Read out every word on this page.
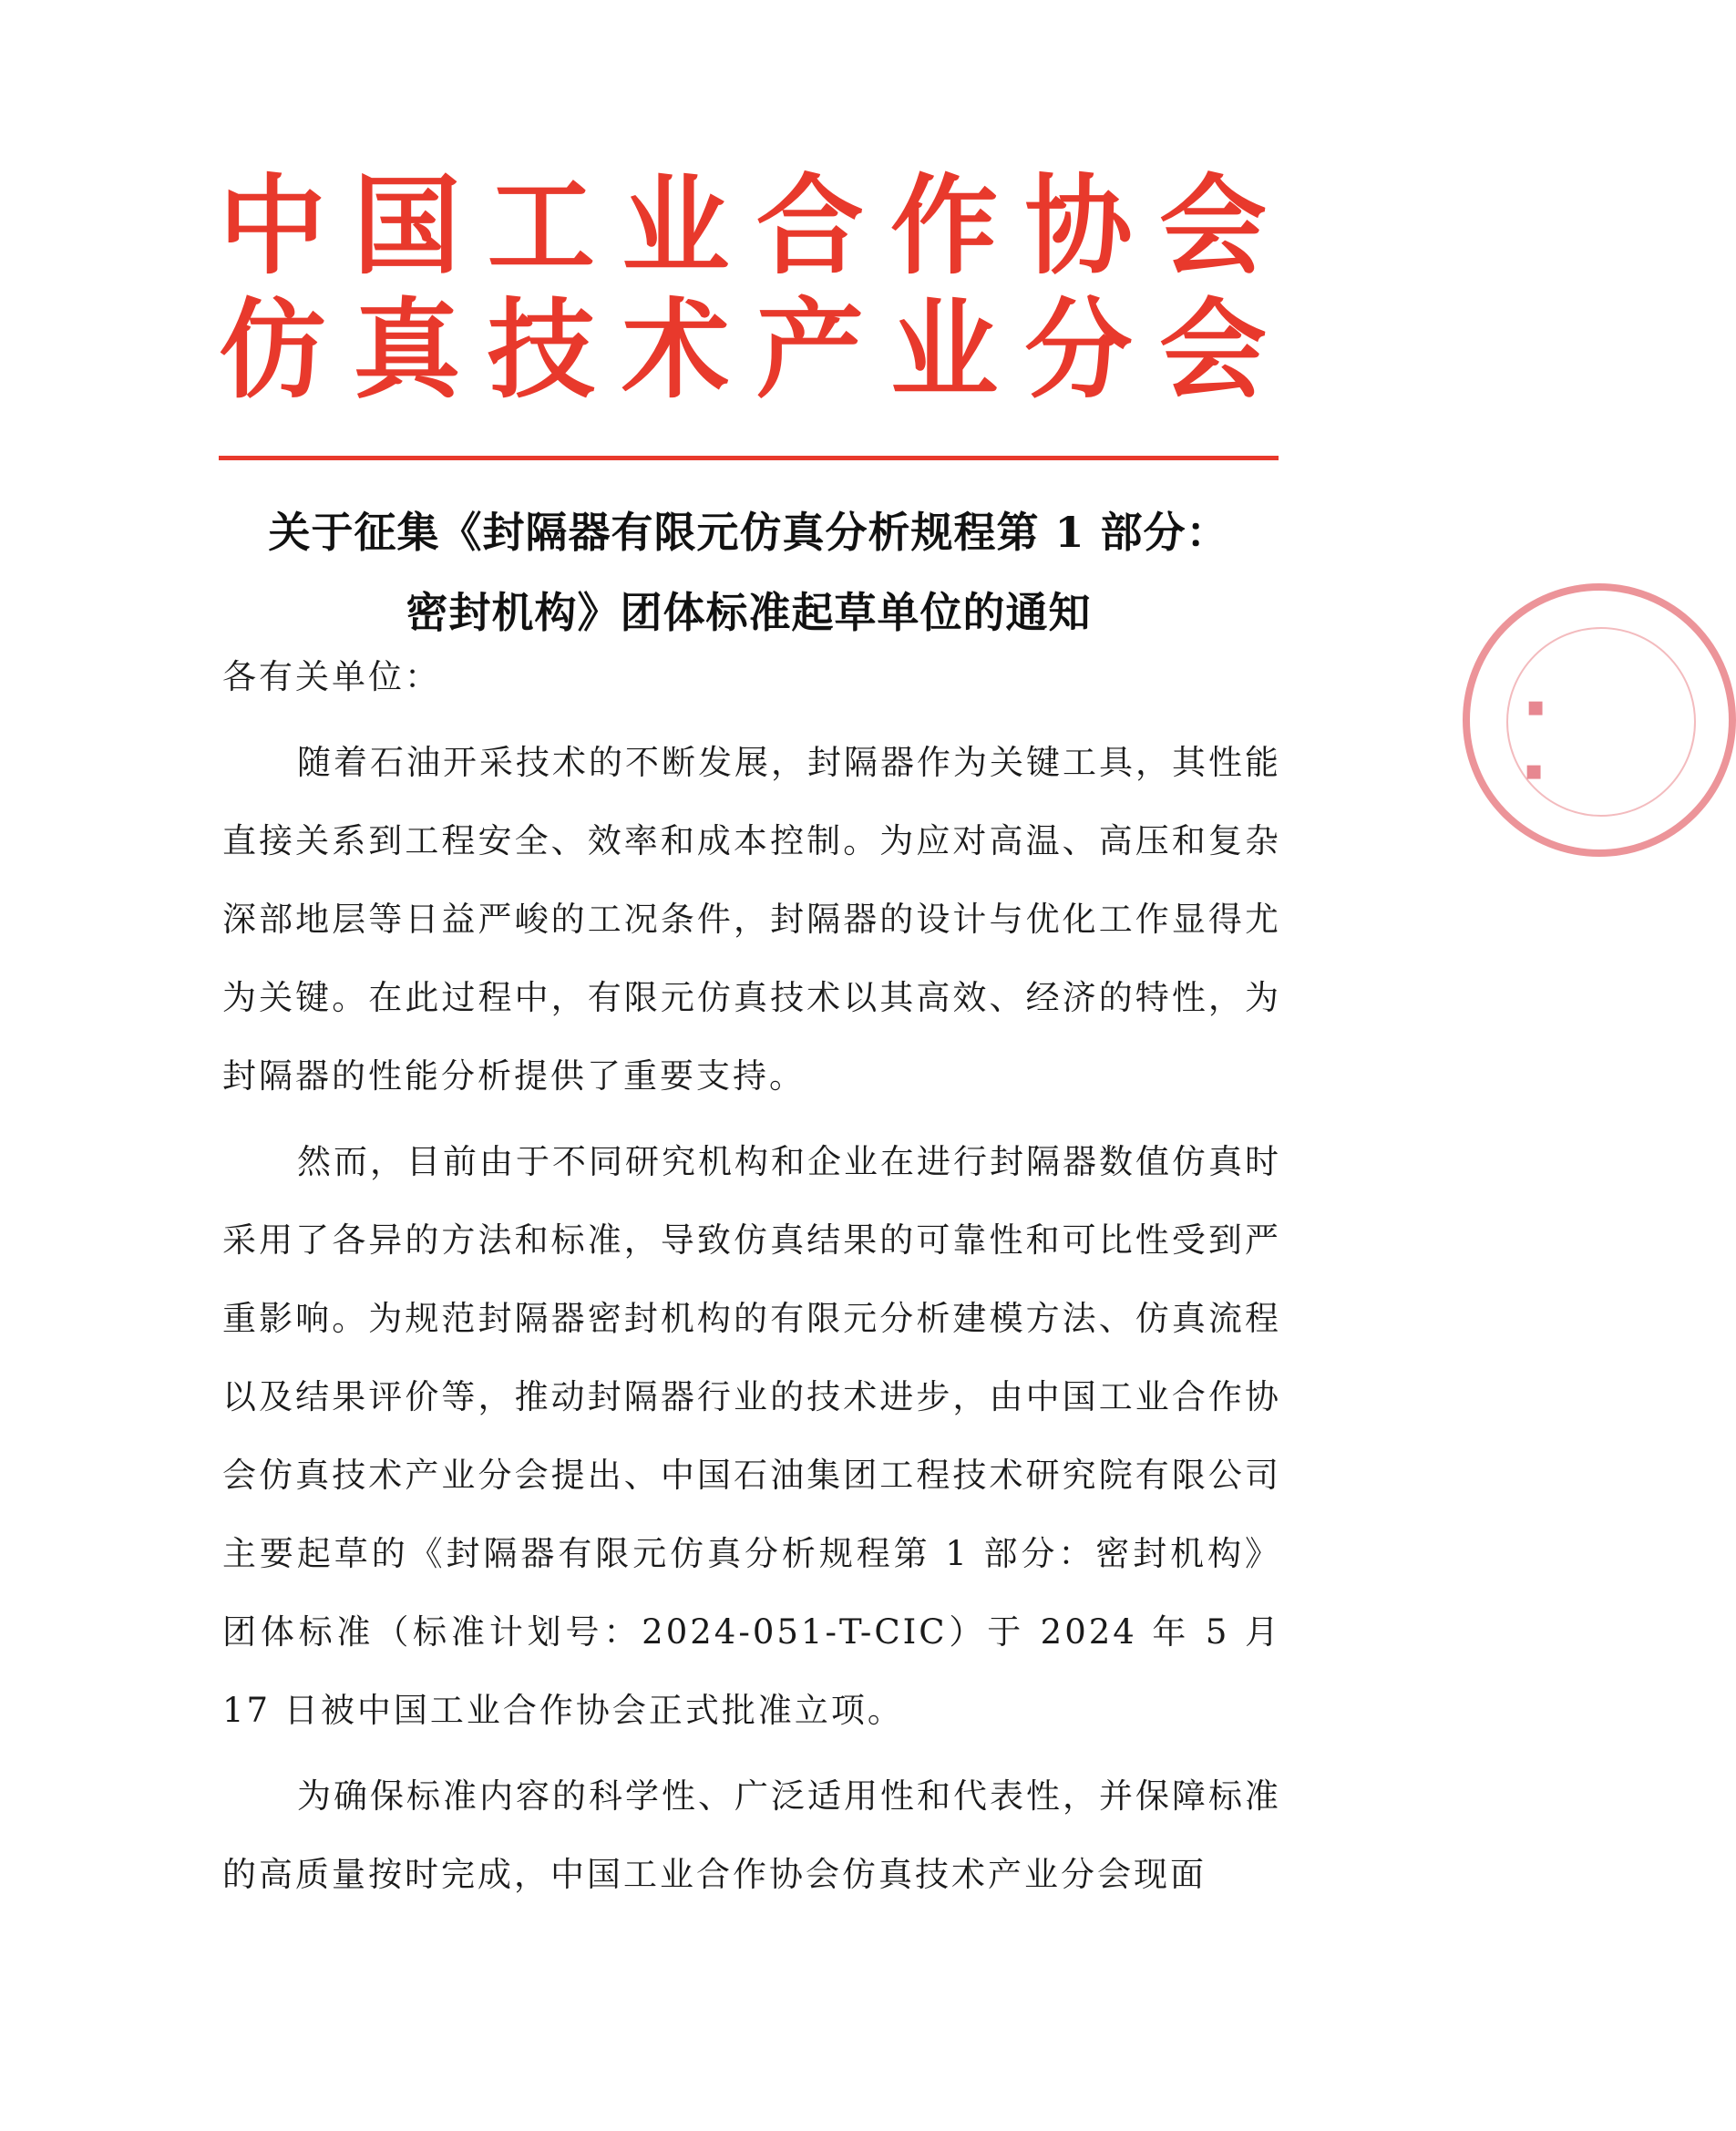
中国工业合作协会
仿真技术产业分会
关于征集《封隔器有限元仿真分析规程第 1 部分：
密封机构》团体标准起草单位的通知

各有关单位：

随着石油开采技术的不断发展，封隔器作为关键工具，其性能直接关系到工程安全、效率和成本控制。为应对高温、高压和复杂深部地层等日益严峻的工况条件，封隔器的设计与优化工作显得尤为关键。在此过程中，有限元仿真技术以其高效、经济的特性，为封隔器的性能分析提供了重要支持。

然而，目前由于不同研究机构和企业在进行封隔器数值仿真时采用了各异的方法和标准，导致仿真结果的可靠性和可比性受到严重影响。为规范封隔器密封机构的有限元分析建模方法、仿真流程以及结果评价等，推动封隔器行业的技术进步，由中国工业合作协会仿真技术产业分会提出、中国石油集团工程技术研究院有限公司主要起草的《封隔器有限元仿真分析规程第 1 部分：密封机构》团体标准（标准计划号：2024-051-T-CIC）于 2024 年 5 月 17 日被中国工业合作协会正式批准立项。

为确保标准内容的科学性、广泛适用性和代表性，并保障标准的高质量按时完成，中国工业合作协会仿真技术产业分会现面

▪
▪
